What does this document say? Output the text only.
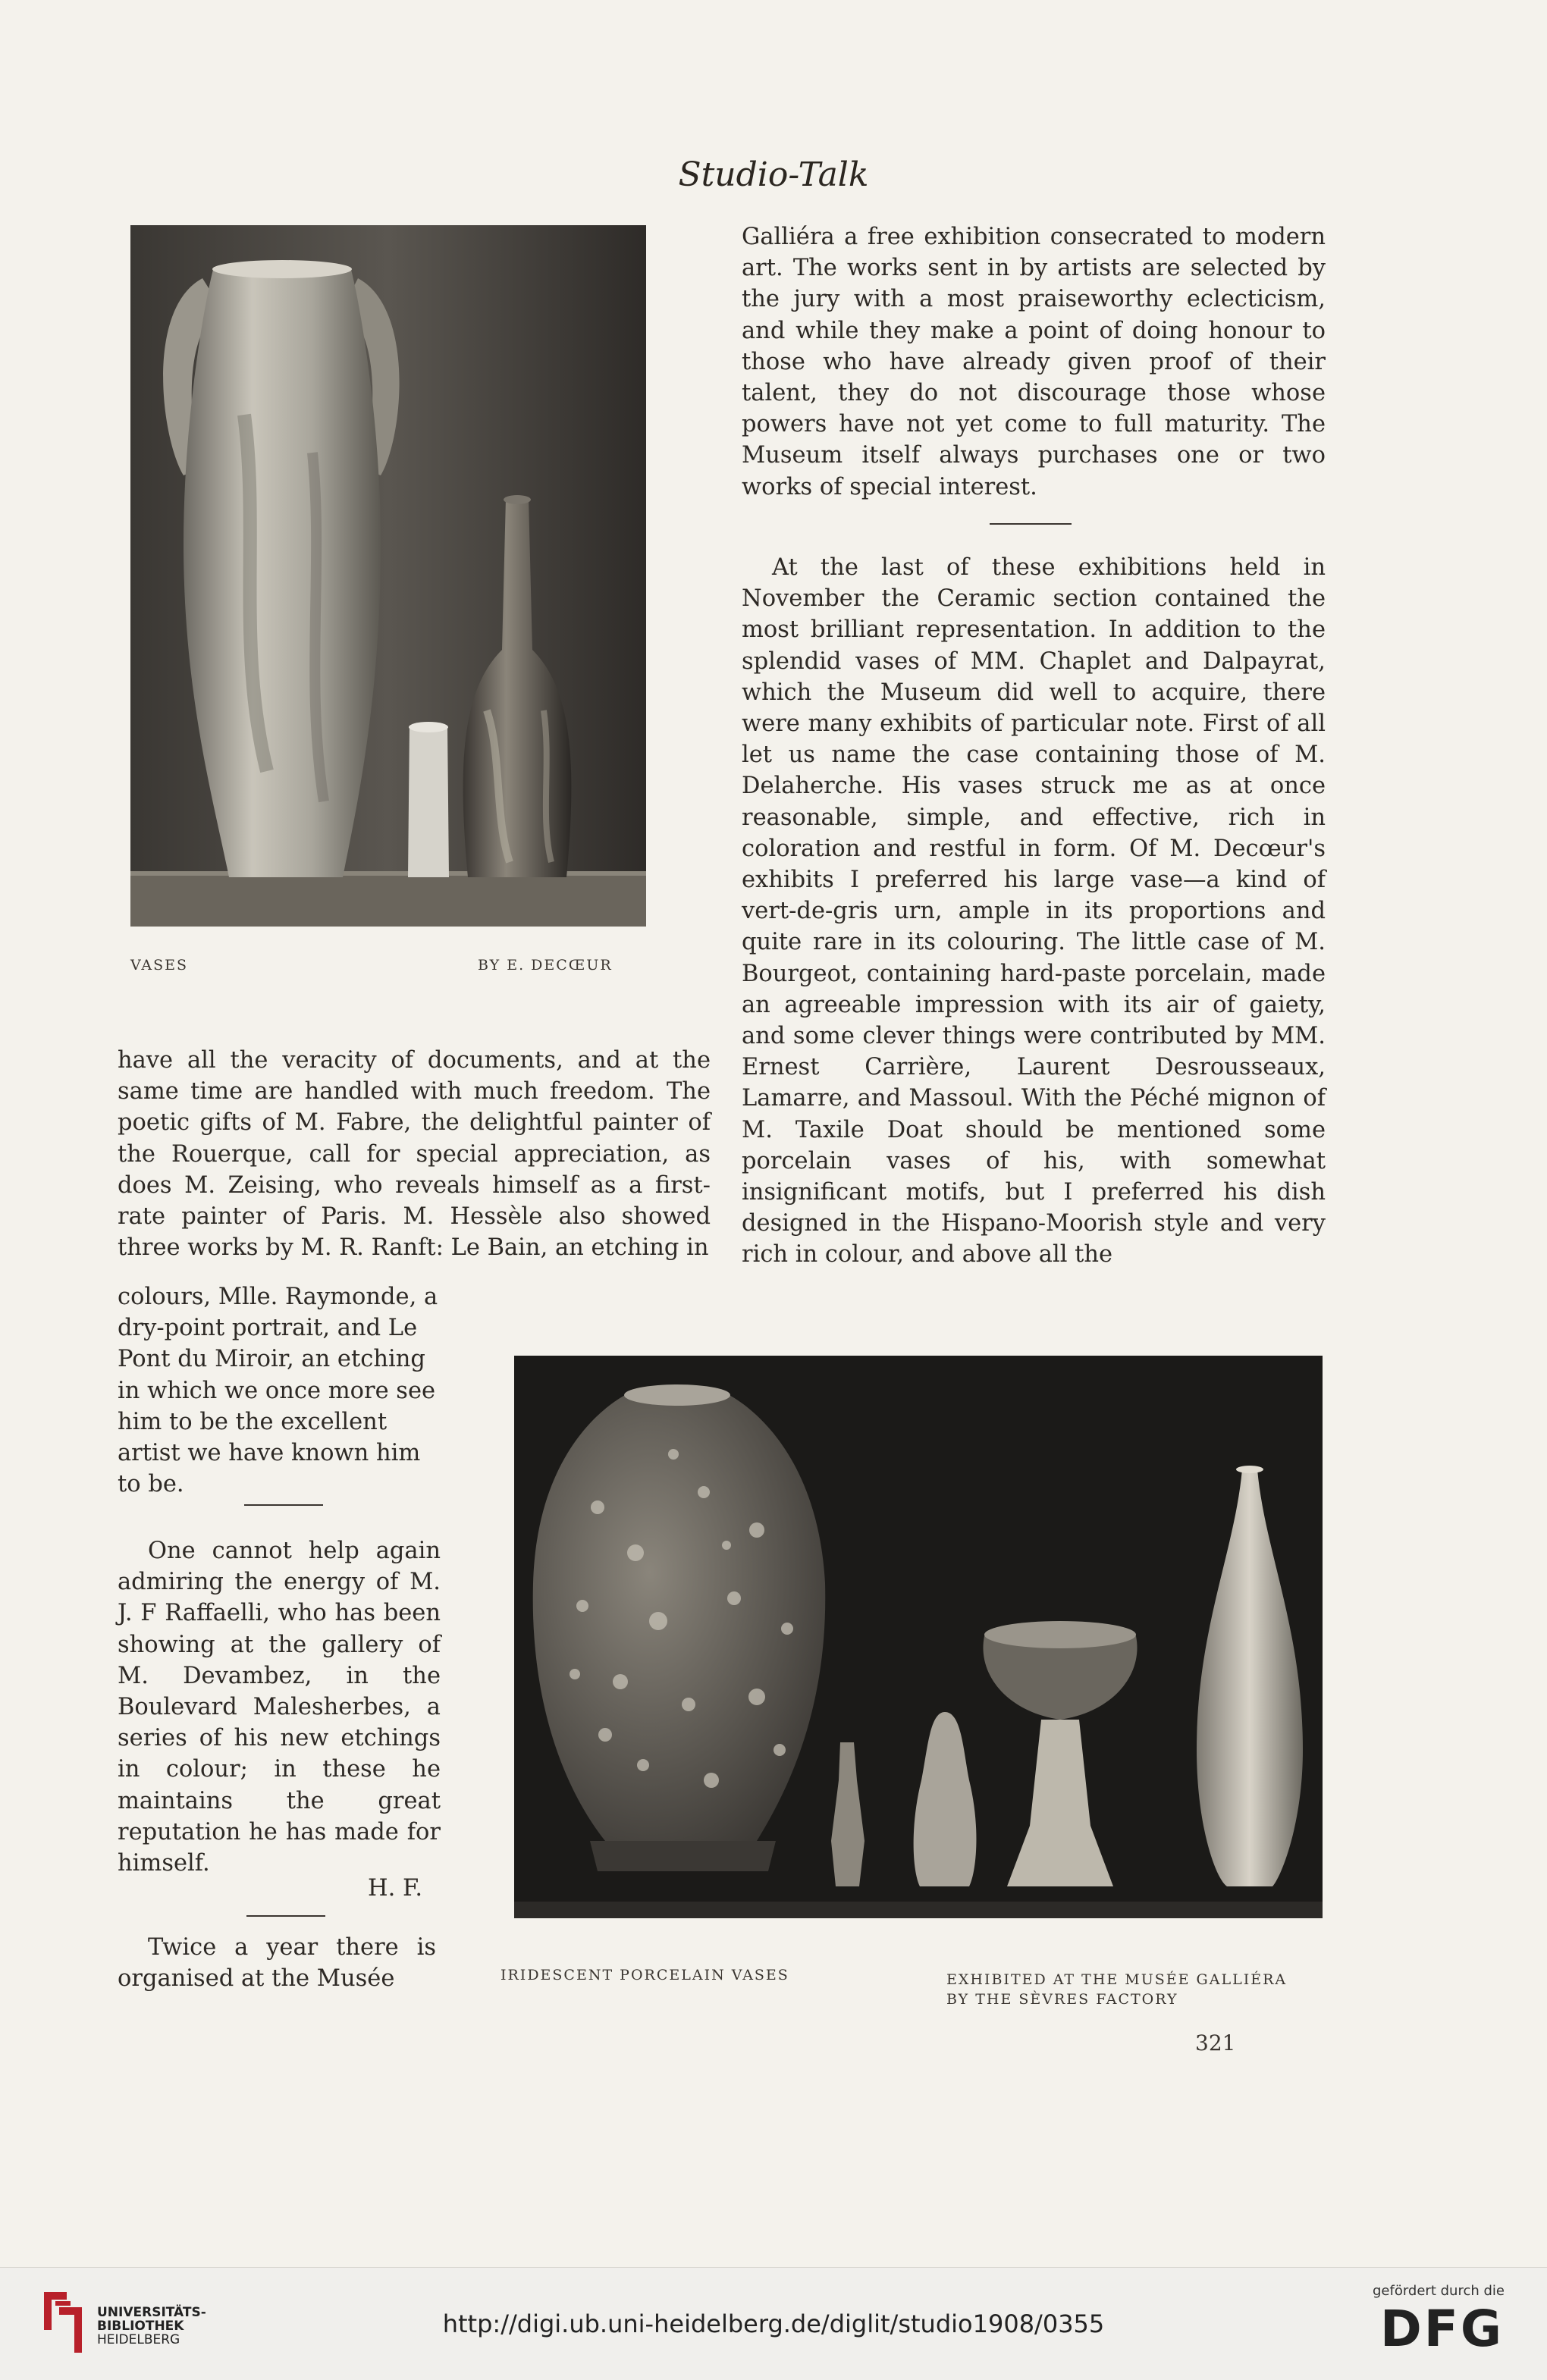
Studio-Talk
VASES	BY E. DECŒUR

Galliéra a free exhibition consecrated to modern art. The works sent in by artists are selected by the jury with a most praiseworthy eclecticism, and while they make a point of doing honour to those who have already given proof of their talent, they do not discourage those whose powers have not yet come to full maturity. The Museum itself always purchases one or two works of special interest.

At the last of these exhibitions held in November the Ceramic section contained the most brilliant representation. In addition to the splendid vases of MM. Chaplet and Dalpayrat, which the Museum did well to acquire, there were many exhibits of particular note. First of all let us name the case containing those of M. Delaherche. His vases struck me as at once reasonable, simple, and effective, rich in coloration and restful in form. Of M. Decœur's exhibits I preferred his large vase—a kind of vert-de-gris urn, ample in its proportions and quite rare in its colouring. The little case of M. Bourgeot, containing hard-paste porcelain, made an agreeable impression with its air of gaiety, and some clever things were contributed by MM. Ernest Carrière, Laurent Desrousseaux, Lamarre, and Massoul. With the Péché mignon of M. Taxile Doat should be mentioned some porcelain vases of his, with somewhat insignificant motifs, but I preferred his dish designed in the Hispano-Moorish style and very rich in colour, and above all the

have all the veracity of documents, and at the same time are handled with much freedom. The poetic gifts of M. Fabre, the delightful painter of the Rouerque, call for special appreciation, as does M. Zeising, who reveals himself as a first-rate painter of Paris. M. Hessèle also showed three works by M. R. Ranft: Le Bain, an etching in

colours, Mlle. Raymonde, a dry-point portrait, and Le Pont du Miroir, an etching in which we once more see him to be the excellent artist we have known him to be.

One cannot help again admiring the energy of M. J. F Raffaelli, who has been showing at the gallery of M. Devambez, in the Boulevard Malesherbes, a series of his new etchings in colour; in these he maintains the great reputation he has made for himself.

H. F.

Twice a year there is organised at the Musée	IRIDESCENT PORCELAIN VASES	EXHIBITED AT THE MUSÉE GALLIÉRA
BY THE SÈVRES FACTORY
321
UNIVERSITÄTS-
BIBLIOTHEK
HEIDELBERG
http://digi.ub.uni-heidelberg.de/diglit/studio1908/0355
gefördert durch die
DFG
